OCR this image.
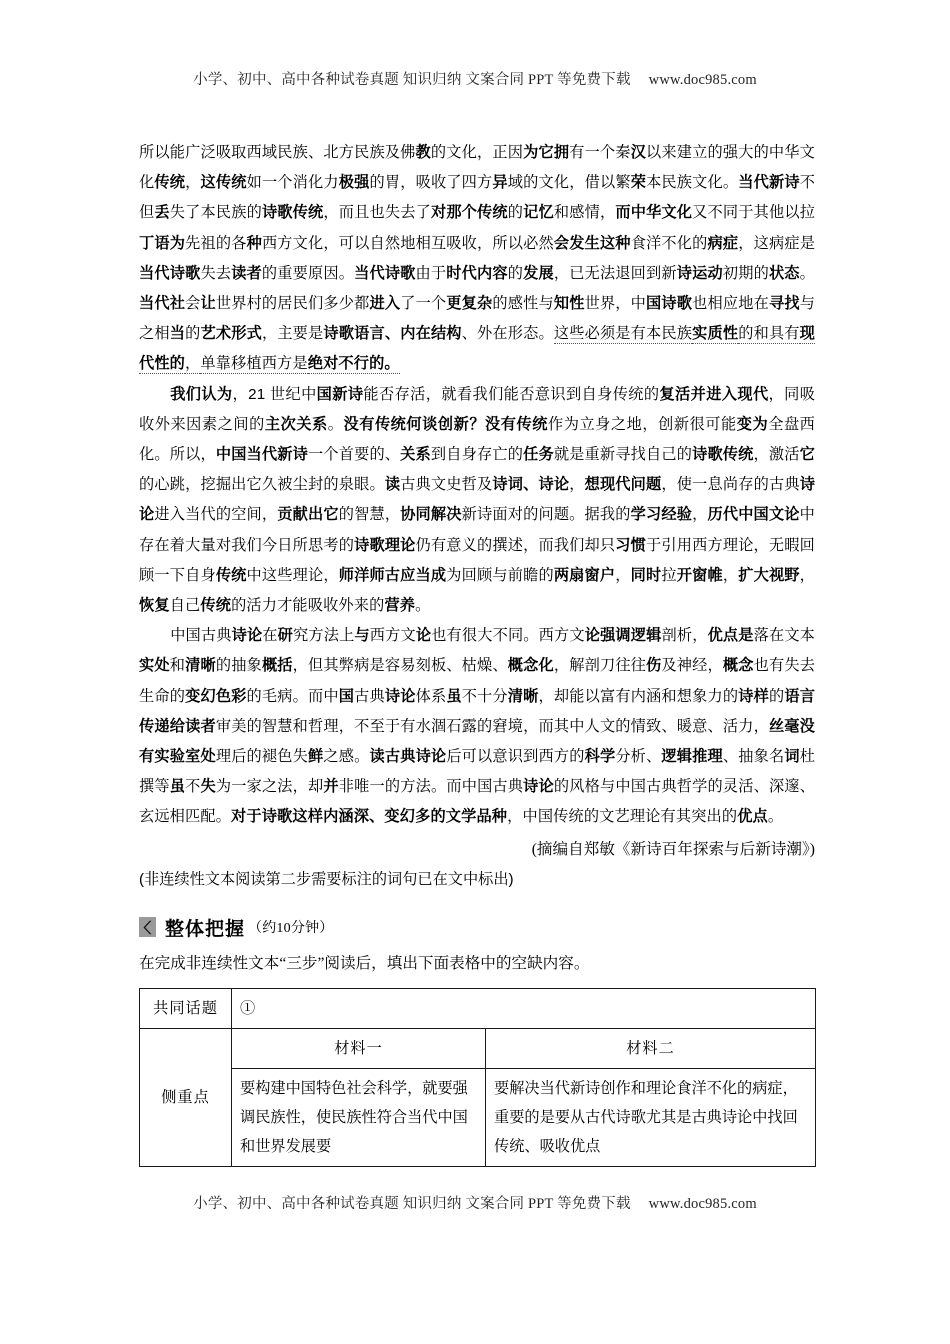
小学、初中、高中各种试卷真题 知识归纳 文案合同 PPT 等免费下载 www.doc985.com

所以能广泛吸取西域民族、北方民族及佛教的文化，正因为它拥有一个秦汉以来建立的强大的中华文化传统，这传统如一个消化力极强的胃，吸收了四方异域的文化，借以繁荣本民族文化。当代新诗不但丢失了本民族的诗歌传统，而且也失去了对那个传统的记忆和感情，而中华文化又不同于其他以拉丁语为先祖的各种西方文化，可以自然地相互吸收，所以必然会发生这种食洋不化的病症，这病症是当代诗歌失去读者的重要原因。当代诗歌由于时代内容的发展，已无法退回到新诗运动初期的状态。当代社会让世界村的居民们多少都进入了一个更复杂的感性与知性世界，中国诗歌也相应地在寻找与之相当的艺术形式，主要是诗歌语言、内在结构、外在形态。这些必须是有本民族实质性的和具有现代性的，单靠移植西方是绝对不行的。

我们认为，21 世纪中国新诗能否存活，就看我们能否意识到自身传统的复活并进入现代，同吸收外来因素之间的主次关系。没有传统何谈创新？没有传统作为立身之地，创新很可能变为全盘西化。所以，中国当代新诗一个首要的、关系到自身存亡的任务就是重新寻找自己的诗歌传统，激活它的心跳，挖掘出它久被尘封的泉眼。读古典文史哲及诗词、诗论，想现代问题，使一息尚存的古典诗论进入当代的空间，贡献出它的智慧，协同解决新诗面对的问题。据我的学习经验，历代中国文论中存在着大量对我们今日所思考的诗歌理论仍有意义的撰述，而我们却只习惯于引用西方理论，无暇回顾一下自身传统中这些理论，师洋师古应当成为回顾与前瞻的两扇窗户，同时拉开窗帷，扩大视野，恢复自己传统的活力才能吸收外来的营养。

中国古典诗论在研究方法上与西方文论也有很大不同。西方文论强调逻辑剖析，优点是落在文本实处和清晰的抽象概括，但其弊病是容易刻板、枯燥、概念化，解剖刀往往伤及神经，概念也有失去生命的变幻色彩的毛病。而中国古典诗论体系虽不十分清晰，却能以富有内涵和想象力的诗样的语言传递给读者审美的智慧和哲理，不至于有水涸石露的窘境，而其中人文的情致、暖意、活力，丝毫没有实验室处理后的褪色失鲜之感。读古典诗论后可以意识到西方的科学分析、逻辑推理、抽象名词杜撰等虽不失为一家之法，却并非唯一的方法。而中国古典诗论的风格与中国古典哲学的灵活、深邃、玄远相匹配。对于诗歌这样内涵深、变幻多的文学品种，中国传统的文艺理论有其突出的优点。

(摘编自郑敏《新诗百年探索与后新诗潮》)
(非连续性文本阅读第二步需要标注的词句已在文中标出)
整体把握 （约10分钟）
在完成非连续性文本“三步”阅读后，填出下面表格中的空缺内容。
共同话题	①	
侧重点	材料一	材料二
	要构建中国特色社会科学，就要强调民族性，使民族性符合当代中国和世界发展要	要解决当代新诗创作和理论食洋不化的病症，重要的是要从古代诗歌尤其是古典诗论中找回传统、吸收优点
小学、初中、高中各种试卷真题 知识归纳 文案合同 PPT 等免费下载 www.doc985.com
